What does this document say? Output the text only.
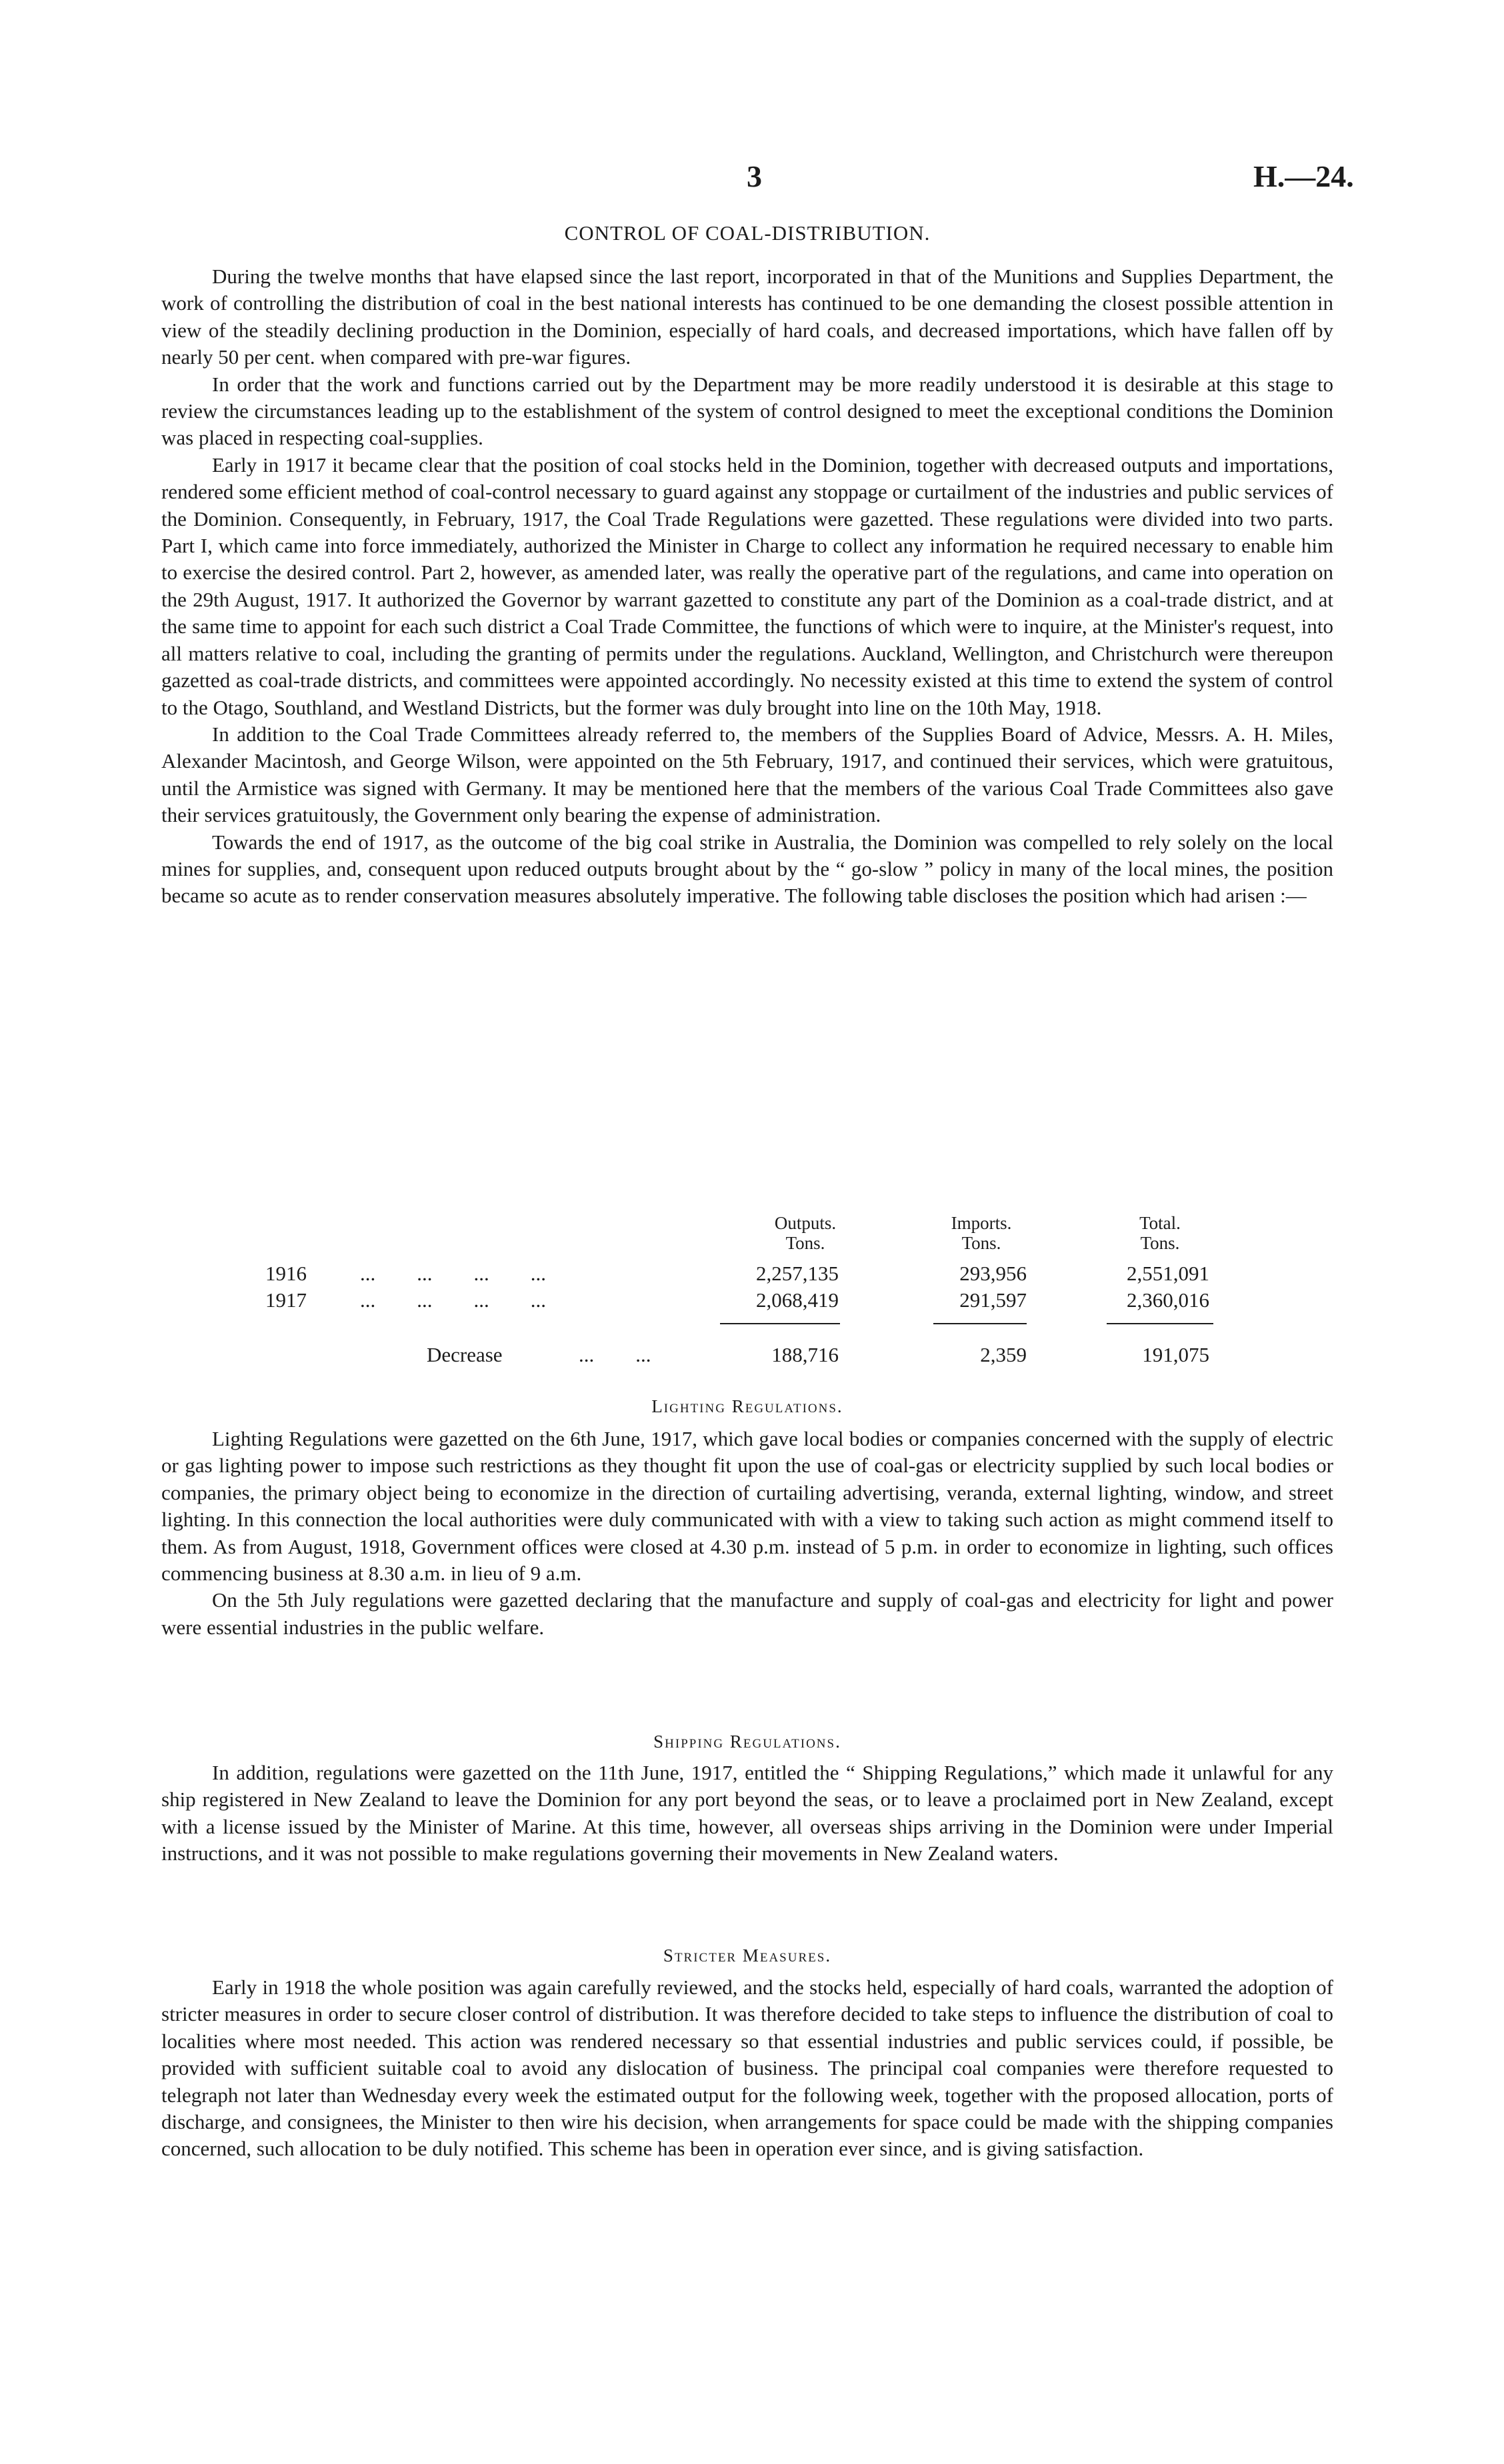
3	H.—24.
CONTROL OF COAL-DISTRIBUTION.

During the twelve months that have elapsed since the last report, incorporated in that of the Munitions and Supplies Department, the work of controlling the distribution of coal in the best national interests has continued to be one demanding the closest possible attention in view of the steadily declining production in the Dominion, especially of hard coals, and decreased importations, which have fallen off by nearly 50 per cent. when compared with pre-war figures.

In order that the work and functions carried out by the Department may be more readily understood it is desirable at this stage to review the circumstances leading up to the establishment of the system of control designed to meet the exceptional conditions the Dominion was placed in respecting coal-supplies.

Early in 1917 it became clear that the position of coal stocks held in the Dominion, together with decreased outputs and importations, rendered some efficient method of coal-control necessary to guard against any stoppage or curtailment of the industries and public services of the Dominion. Consequently, in February, 1917, the Coal Trade Regulations were gazetted. These regulations were divided into two parts. Part I, which came into force immediately, authorized the Minister in Charge to collect any information he required necessary to enable him to exercise the desired control. Part 2, however, as amended later, was really the operative part of the regulations, and came into operation on the 29th August, 1917. It authorized the Governor by warrant gazetted to constitute any part of the Dominion as a coal-trade district, and at the same time to appoint for each such district a Coal Trade Committee, the functions of which were to inquire, at the Minister's request, into all matters relative to coal, including the granting of permits under the regulations. Auckland, Wellington, and Christchurch were thereupon gazetted as coal-trade districts, and committees were appointed accordingly. No necessity existed at this time to extend the system of control to the Otago, Southland, and Westland Districts, but the former was duly brought into line on the 10th May, 1918.

In addition to the Coal Trade Committees already referred to, the members of the Supplies Board of Advice, Messrs. A. H. Miles, Alexander Macintosh, and George Wilson, were appointed on the 5th February, 1917, and continued their services, which were gratuitous, until the Armistice was signed with Germany. It may be mentioned here that the members of the various Coal Trade Committees also gave their services gratuitously, the Government only bearing the expense of administration.

Towards the end of 1917, as the outcome of the big coal strike in Australia, the Dominion was compelled to rely solely on the local mines for supplies, and, consequent upon reduced outputs brought about by the “ go-slow ” policy in many of the local mines, the position became so acute as to render conservation measures absolutely imperative. The following table discloses the position which had arisen :—

Outputs.
Tons.
Imports.
Tons.
Total.
Tons.
1916	...        ...        ...        ...	2,257,135	293,956	2,551,091
1917	...        ...        ...        ...	2,068,419	291,597	2,360,016
Decrease	...        ...	188,716	2,359	191,075
Lighting Regulations.

Lighting Regulations were gazetted on the 6th June, 1917, which gave local bodies or companies concerned with the supply of electric or gas lighting power to impose such restrictions as they thought fit upon the use of coal-gas or electricity supplied by such local bodies or companies, the primary object being to economize in the direction of curtailing advertising, veranda, external lighting, window, and street lighting. In this connection the local authorities were duly communicated with with a view to taking such action as might commend itself to them. As from August, 1918, Government offices were closed at 4.30 p.m. instead of 5 p.m. in order to economize in lighting, such offices commencing business at 8.30 a.m. in lieu of 9 a.m.

On the 5th July regulations were gazetted declaring that the manufacture and supply of coal-gas and electricity for light and power were essential industries in the public welfare.

Shipping Regulations.

In addition, regulations were gazetted on the 11th June, 1917, entitled the “ Shipping Regulations,” which made it unlawful for any ship registered in New Zealand to leave the Dominion for any port beyond the seas, or to leave a proclaimed port in New Zealand, except with a license issued by the Minister of Marine. At this time, however, all overseas ships arriving in the Dominion were under Imperial instructions, and it was not possible to make regulations governing their movements in New Zealand waters.

Stricter Measures.

Early in 1918 the whole position was again carefully reviewed, and the stocks held, especially of hard coals, warranted the adoption of stricter measures in order to secure closer control of distribution. It was therefore decided to take steps to influence the distribution of coal to localities where most needed. This action was rendered necessary so that essential industries and public services could, if possible, be provided with sufficient suitable coal to avoid any dislocation of business. The principal coal companies were therefore requested to telegraph not later than Wednesday every week the estimated output for the following week, together with the proposed allocation, ports of discharge, and consignees, the Minister to then wire his decision, when arrangements for space could be made with the shipping companies concerned, such allocation to be duly notified. This scheme has been in operation ever since, and is giving satisfaction.
